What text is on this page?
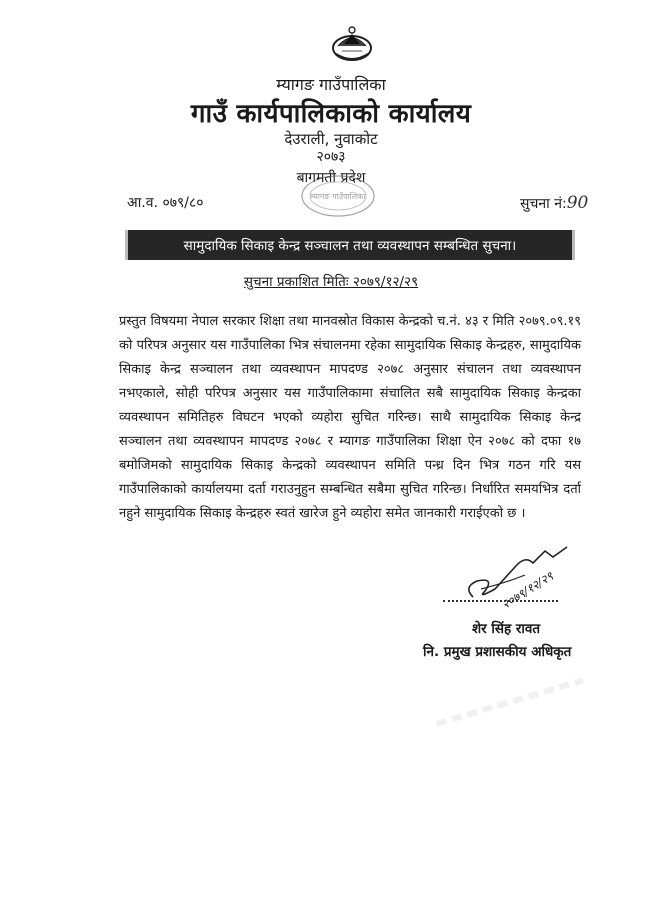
म्यागङ गाउँपालिका
गाउँ कार्यपालिकाको कार्यालय
देउराली, नुवाकोट
२०७३
बागमती प्रदेश
म्यागङ गाउँपालिका
आ.व. ०७९/८०	सुचना नं:90
सामुदायिक सिकाइ केन्द्र सञ्चालन तथा व्यवस्थापन सम्बन्धित सुचना।
सुचना प्रकाशित मितिः २०७९/१२/२९
प्रस्तुत विषयमा नेपाल सरकार शिक्षा तथा मानवस्रोत विकास केन्द्रको च.नं. ४३ र मिति २०७९.०९.१९ को परिपत्र अनुसार यस गाउँपालिका भित्र संचालनमा रहेका सामुदायिक सिकाइ केन्द्रहरु, सामुदायिक सिकाइ केन्द्र सञ्चालन तथा व्यवस्थापन मापदण्ड २०७८ अनुसार संचालन तथा व्यवस्थापन नभएकाले, सोही परिपत्र अनुसार यस गाउँपालिकामा संचालित सबै सामुदायिक सिकाइ केन्द्रका व्यवस्थापन समितिहरु विघटन भएको व्यहोरा सुचित गरिन्छ। साथै सामुदायिक सिकाइ केन्द्र सञ्चालन तथा व्यवस्थापन मापदण्ड २०७८ र म्यागङ गाउँपालिका शिक्षा ऐन २०७८ को दफा १७ बमोजिमको सामुदायिक सिकाइ केन्द्रको व्यवस्थापन समिति पन्ध्र दिन भित्र गठन गरि यस गाउँपालिकाको कार्यालयमा दर्ता गराउनुहुन सम्बन्धित सबैमा सुचित गरिन्छ। निर्धारित समयभित्र दर्ता नहुने सामुदायिक सिकाइ केन्द्रहरु स्वतं खारेज हुने व्यहोरा समेत जानकारी गराईएको छ ।
२०७९/१२/२९
शेर सिंह रावत
नि. प्रमुख प्रशासकीय अधिकृत
